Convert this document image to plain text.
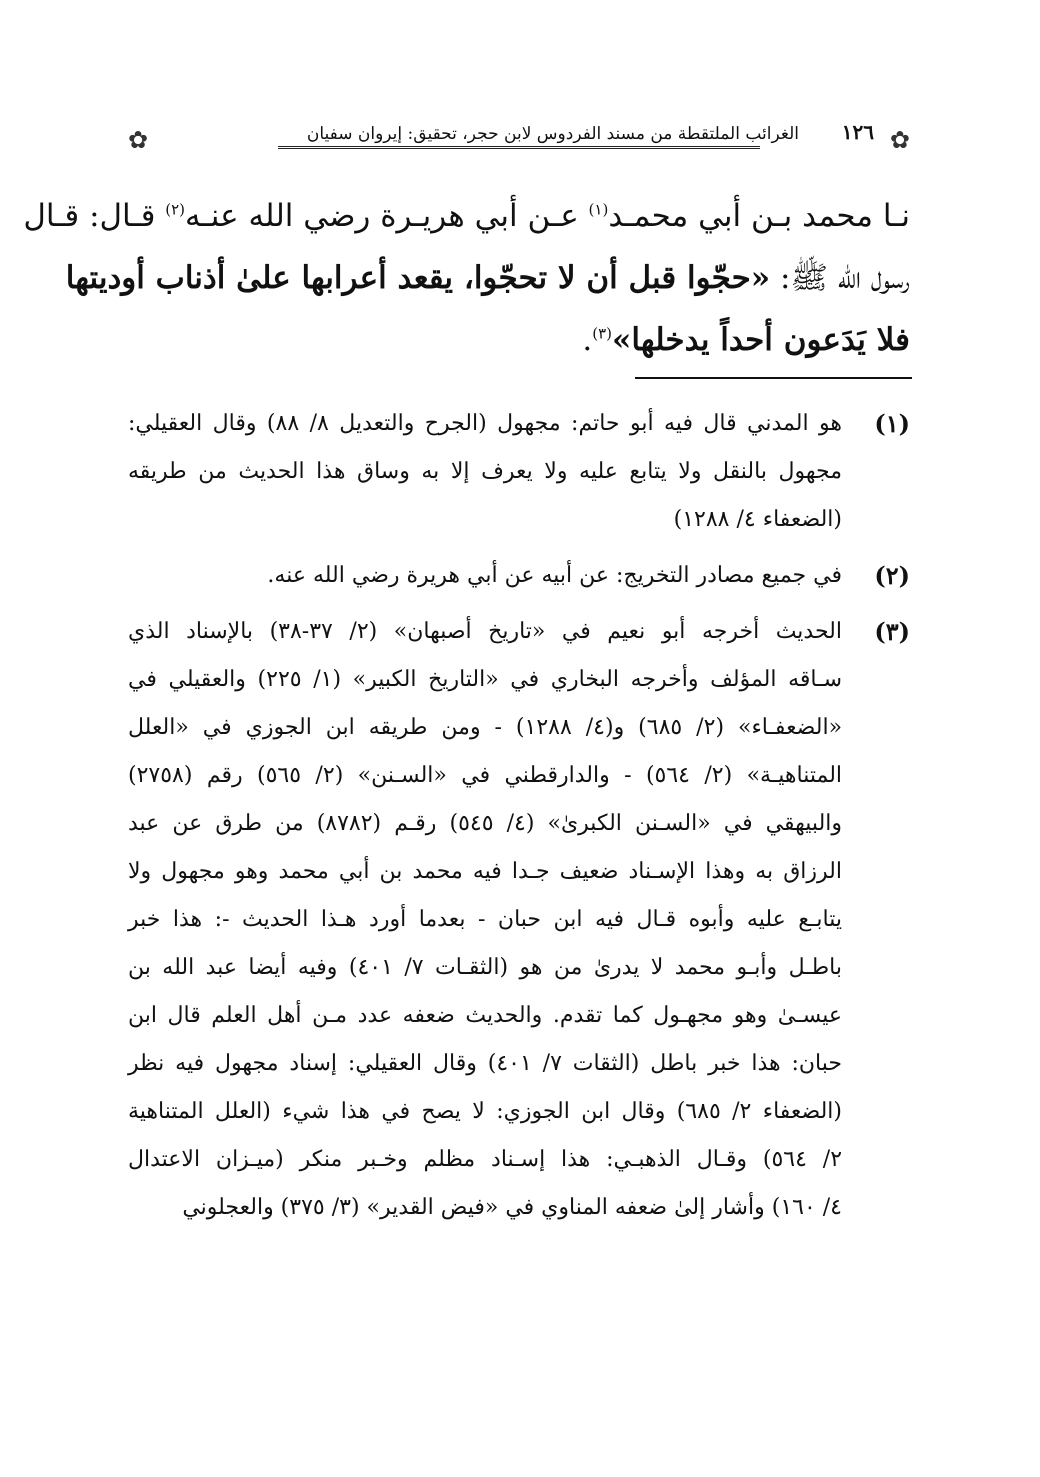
✿	✿
الغرائب الملتقطة من مسند الفردوس لابن حجر، تحقيق: إيروان سفيان	١٢٦
نـا محمد بـن أبي محمـد$^{(١)}$ عـن أبي هريـرة رضي الله عنـه$^{(٢)}$ قـال: قـال
رسول الله ﷺ: «حجّوا قبل أن لا تحجّوا، يقعد أعرابها علىٰ أذناب أوديتها
فلا يَدَعون أحداً يدخلها»$^{(٣)}$.
(١)
هو المدني قال فيه أبو حاتم: مجهول (الجرح والتعديل ٨/ ٨٨) وقال العقيلي:
مجهول بالنقل ولا يتابع عليه ولا يعرف إلا به وساق هذا الحديث من طريقه
(الضعفاء ٤/ ١٢٨٨)
(٢)
في جميع مصادر التخريج: عن أبيه عن أبي هريرة رضي الله عنه.
(٣)
الحديث أخرجه أبو نعيم في «تاريخ أصبهان» (٢/ ٣٧-٣٨) بالإسناد الذي
سـاقه المؤلف وأخرجه البخاري في «التاريخ الكبير» (١/ ٢٢٥) والعقيلي في
«الضعفـاء» (٢/ ٦٨٥) و(٤/ ١٢٨٨) - ومن طريقه ابن الجوزي في «العلل
المتناهيـة» (٢/ ٥٦٤) - والدارقطني في «السـنن» (٢/ ٥٦٥) رقم (٢٧٥٨)
والبيهقي في «السـنن الكبرىٰ» (٤/ ٥٤٥) رقـم (٨٧٨٢) من طرق عن عبد
الرزاق به وهذا الإسـناد ضعيف جـدا فيه محمد بن أبي محمد وهو مجهول ولا
يتابـع عليه وأبوه قـال فيه ابن حبان - بعدما أورد هـذا الحديث -: هذا خبر
باطـل وأبـو محمد لا يدرىٰ من هو (الثقـات ٧/ ٤٠١) وفيه أيضا عبد الله بن
عيسـىٰ وهو مجهـول كما تقدم. والحديث ضعفه عدد مـن أهل العلم قال ابن
حبان: هذا خبر باطل (الثقات ٧/ ٤٠١) وقال العقيلي: إسناد مجهول فيه نظر
(الضعفاء ٢/ ٦٨٥) وقال ابن الجوزي: لا يصح في هذا شيء (العلل المتناهية
٢/ ٥٦٤) وقـال الذهبـي: هذا إسـناد مظلم وخـبر منكر (ميـزان الاعتدال
٤/ ١٦٠) وأشار إلىٰ ضعفه المناوي في «فيض القدير» (٣/ ٣٧٥) والعجلوني
